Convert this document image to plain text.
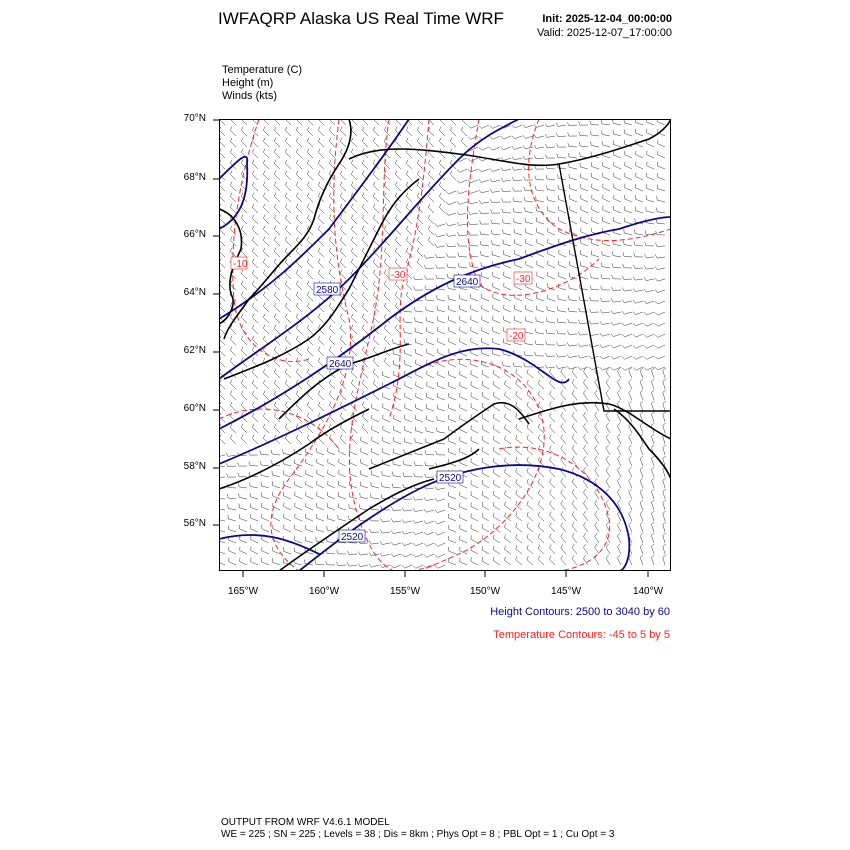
IWFAQRP Alaska US Real Time WRF	Init: 2025-12-04_00:00:00
Valid: 2025-12-07_17:00:00
Temperature (C)
Height (m)
Winds (kts)
70°N
68°N
66°N
64°N
62°N
60°N
58°N
56°N
165°W	160°W	155°W	150°W	145°W	140°W
2580
2640
2640
2520
2520
-10
-30	-30
-20
Height Contours: 2500 to 3040 by 60
Temperature Contours: -45 to 5 by 5
OUTPUT FROM WRF V4.6.1 MODEL
WE = 225 ; SN = 225 ; Levels = 38 ; Dis = 8km ; Phys Opt = 8 ; PBL Opt = 1 ; Cu Opt = 3
